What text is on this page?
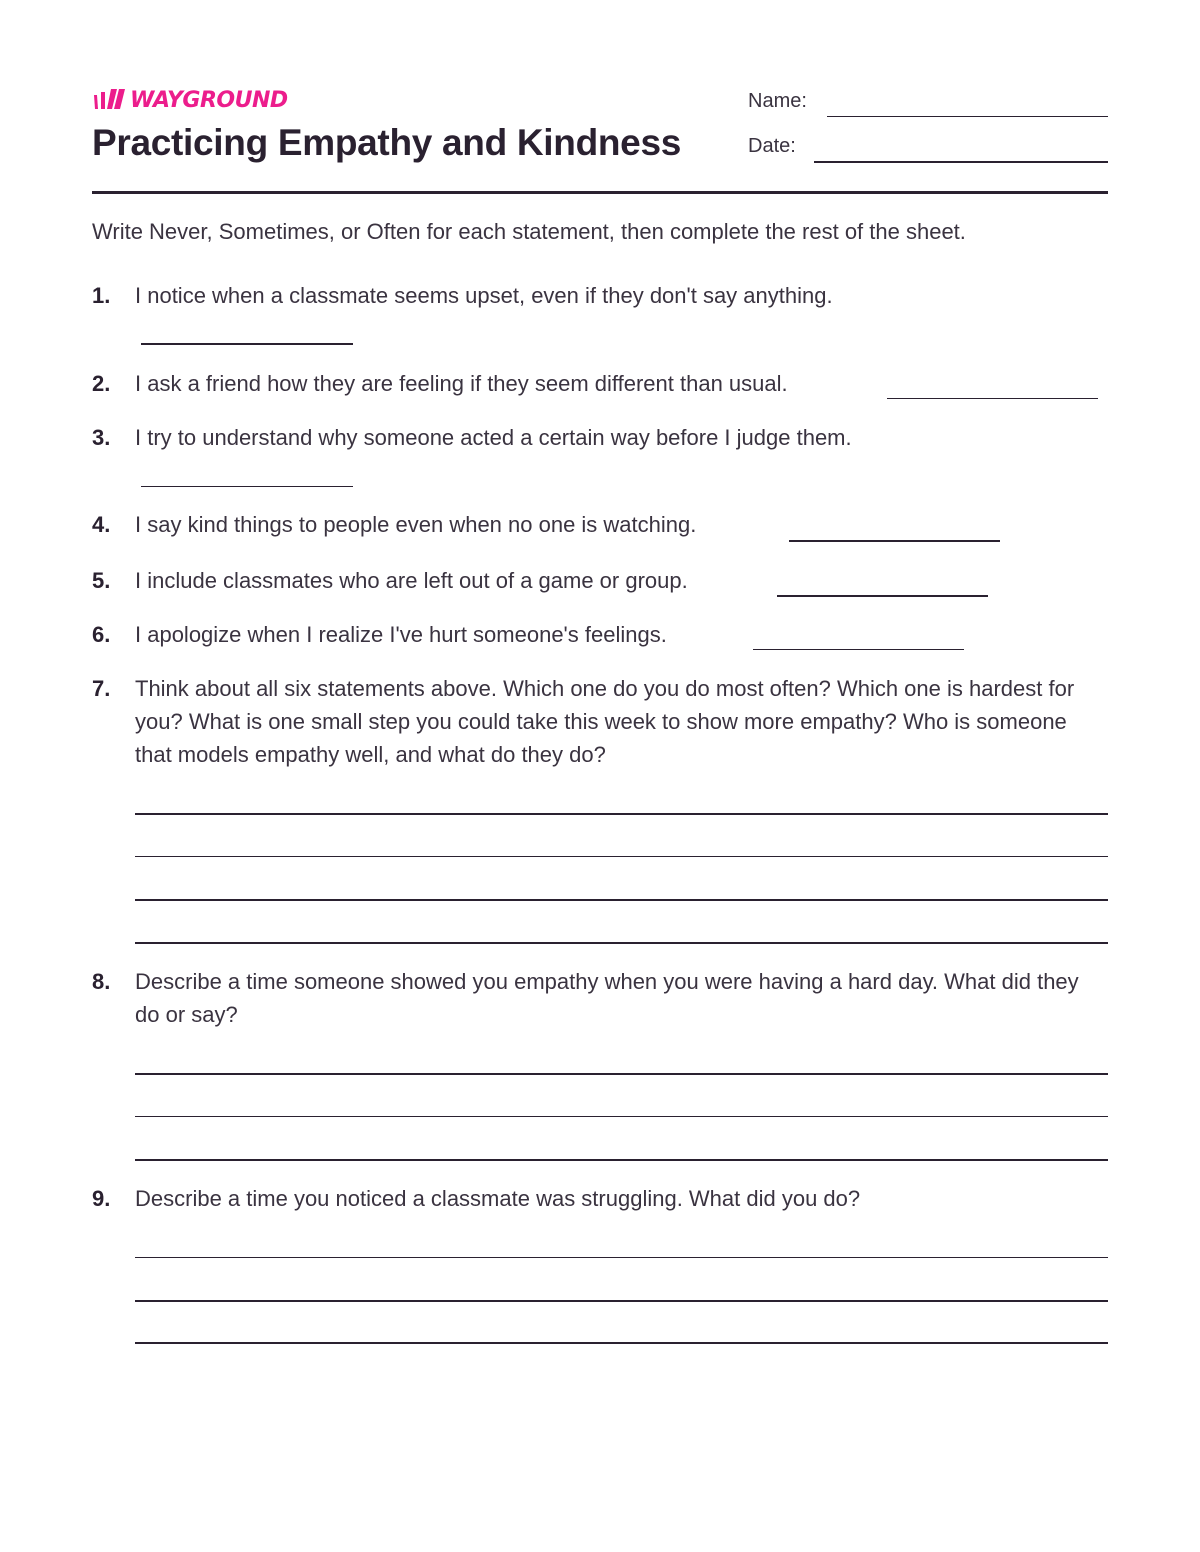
WAYGROUND
Practicing Empathy and Kindness
Name:
Date:

Write Never, Sometimes, or Often for each statement, then complete the rest of the sheet.

1. I notice when a classmate seems upset, even if they don't say anything.
2. I ask a friend how they are feeling if they seem different than usual.
3. I try to understand why someone acted a certain way before I judge them.
4. I say kind things to people even when no one is watching.
5. I include classmates who are left out of a game or group.
6. I apologize when I realize I've hurt someone's feelings.
7. Think about all six statements above. Which one do you do most often? Which one is hardest for you? What is one small step you could take this week to show more empathy? Who is someone that models empathy well, and what do they do?
8. Describe a time someone showed you empathy when you were having a hard day. What did they do or say?
9. Describe a time you noticed a classmate was struggling. What did you do?
